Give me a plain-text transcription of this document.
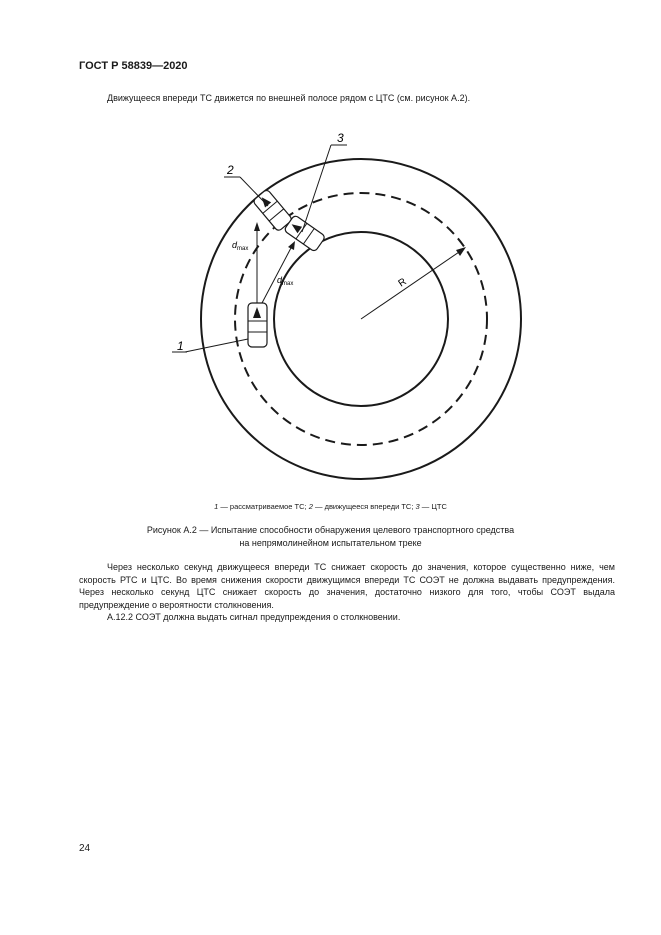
ГОСТ Р 58839—2020
Движущееся впереди ТС движется по внешней полосе рядом с ЦТС (см. рисунок А.2).
R
$d_{max}$
$d_{max}$
1
2
3
1 — рассматриваемое ТС; 2 — движущееся впереди ТС; 3 — ЦТС
Рисунок А.2 — Испытание способности обнаружения целевого транспортного средства
на непрямолинейном испытательном треке

Через несколько секунд движущееся впереди ТС снижает скорость до значения, которое существенно ниже, чем скорость РТС и ЦТС. Во время снижения скорости движущимся впереди ТС СОЭТ не должна выдавать предупреждения. Через несколько секунд ЦТС снижает скорость до значения, достаточно низкого для того, чтобы СОЭТ выдала предупреждение о вероятности столкновения.

А.12.2 СОЭТ должна выдать сигнал предупреждения о столкновении.

24
